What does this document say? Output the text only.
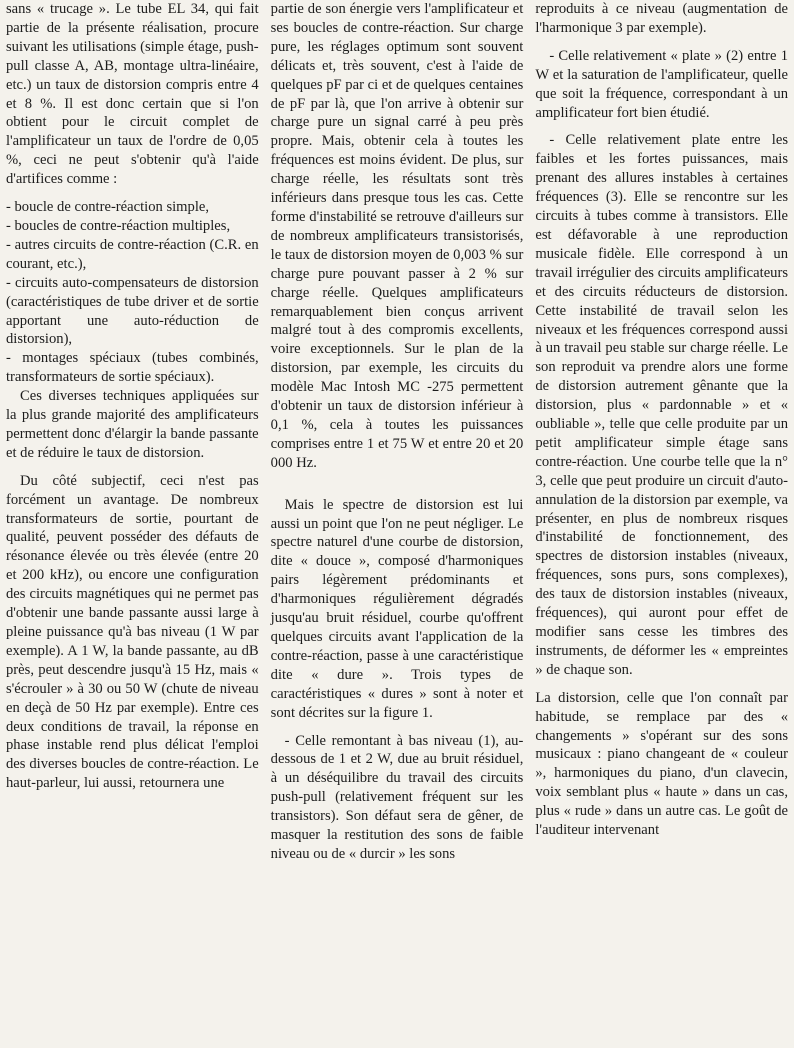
sans « trucage ». Le tube EL 34, qui fait partie de la présente réalisation, procure suivant les utilisations (simple étage, push-pull classe A, AB, montage ultra-linéaire, etc.) un taux de distorsion compris entre 4 et 8 %. Il est donc certain que si l'on obtient pour le circuit complet de l'amplificateur un taux de l'ordre de 0,05 %, ceci ne peut s'obtenir qu'à l'aide d'artifices comme :

- boucle de contre-réaction simple,

- boucles de contre-réaction multiples,

- autres circuits de contre-réaction (C.R. en courant, etc.),

- circuits auto-compensateurs de distorsion (caractéristiques de tube driver et de sortie apportant une auto-réduction de distorsion),

- montages spéciaux (tubes combinés, transformateurs de sortie spéciaux).

Ces diverses techniques appliquées sur la plus grande majorité des amplificateurs permettent donc d'élargir la bande passante et de réduire le taux de distorsion.

Du côté subjectif, ceci n'est pas forcément un avantage. De nombreux transformateurs de sortie, pourtant de qualité, peuvent posséder des défauts de résonance élevée ou très élevée (entre 20 et 200 kHz), ou encore une configuration des circuits magnétiques qui ne permet pas d'obtenir une bande passante aussi large à pleine puissance qu'à bas niveau (1 W par exemple). A 1 W, la bande passante, au dB près, peut descendre jusqu'à 15 Hz, mais « s'écrouler » à 30 ou 50 W (chute de niveau en deçà de 50 Hz par exemple). Entre ces deux conditions de travail, la réponse en phase instable rend plus délicat l'emploi des diverses boucles de contre-réaction. Le haut-parleur, lui aussi, retournera une

partie de son énergie vers l'amplificateur et ses boucles de contre-réaction. Sur charge pure, les réglages optimum sont souvent délicats et, très souvent, c'est à l'aide de quelques pF par ci et de quelques centaines de pF par là, que l'on arrive à obtenir sur charge pure un signal carré à peu près propre. Mais, obtenir cela à toutes les fréquences est moins évident. De plus, sur charge réelle, les résultats sont très inférieurs dans presque tous les cas. Cette forme d'instabilité se retrouve d'ailleurs sur de nombreux amplificateurs transistorisés, le taux de distorsion moyen de 0,003 % sur charge pure pouvant passer à 2 % sur charge réelle. Quelques amplificateurs remarquablement bien conçus arrivent malgré tout à des compromis excellents, voire exceptionnels. Sur le plan de la distorsion, par exemple, les circuits du modèle Mac Intosh MC -275 permettent d'obtenir un taux de distorsion inférieur à 0,1 %, cela à toutes les puissances comprises entre 1 et 75 W et entre 20 et 20 000 Hz.

Mais le spectre de distorsion est lui aussi un point que l'on ne peut négliger. Le spectre naturel d'une courbe de distorsion, dite « douce », composé d'harmoniques pairs légèrement prédominants et d'harmoniques régulièrement dégradés jusqu'au bruit résiduel, courbe qu'offrent quelques circuits avant l'application de la contre-réaction, passe à une caractéristique dite « dure ». Trois types de caractéristiques « dures » sont à noter et sont décrites sur la figure 1.

- Celle remontant à bas niveau (1), au-dessous de 1 et 2 W, due au bruit résiduel, à un déséquilibre du travail des circuits push-pull (relativement fréquent sur les transistors). Son défaut sera de gêner, de masquer la restitution des sons de faible niveau ou de « durcir » les sons

reproduits à ce niveau (augmentation de l'harmonique 3 par exemple).

- Celle relativement « plate » (2) entre 1 W et la saturation de l'amplificateur, quelle que soit la fréquence, correspondant à un amplificateur fort bien étudié.

- Celle relativement plate entre les faibles et les fortes puissances, mais prenant des allures instables à certaines fréquences (3). Elle se rencontre sur les circuits à tubes comme à transistors. Elle est défavorable à une reproduction musicale fidèle. Elle correspond à un travail irrégulier des circuits amplificateurs et des circuits réducteurs de distorsion. Cette instabilité de travail selon les niveaux et les fréquences correspond aussi à un travail peu stable sur charge réelle. Le son reproduit va prendre alors une forme de distorsion autrement gênante que la distorsion, plus « pardonnable » et « oubliable », telle que celle produite par un petit amplificateur simple étage sans contre-réaction. Une courbe telle que la n° 3, celle que peut produire un circuit d'auto-annulation de la distorsion par exemple, va présenter, en plus de nombreux risques d'instabilité de fonctionnement, des spectres de distorsion instables (niveaux, fréquences, sons purs, sons complexes), des taux de distorsion instables (niveaux, fréquences), qui auront pour effet de modifier sans cesse les timbres des instruments, de déformer les « empreintes » de chaque son.

La distorsion, celle que l'on connaît par habitude, se remplace par des « changements » s'opérant sur des sons musicaux : piano changeant de « couleur », harmoniques du piano, d'un clavecin, voix semblant plus « haute » dans un cas, plus « rude » dans un autre cas. Le goût de l'auditeur intervenant
